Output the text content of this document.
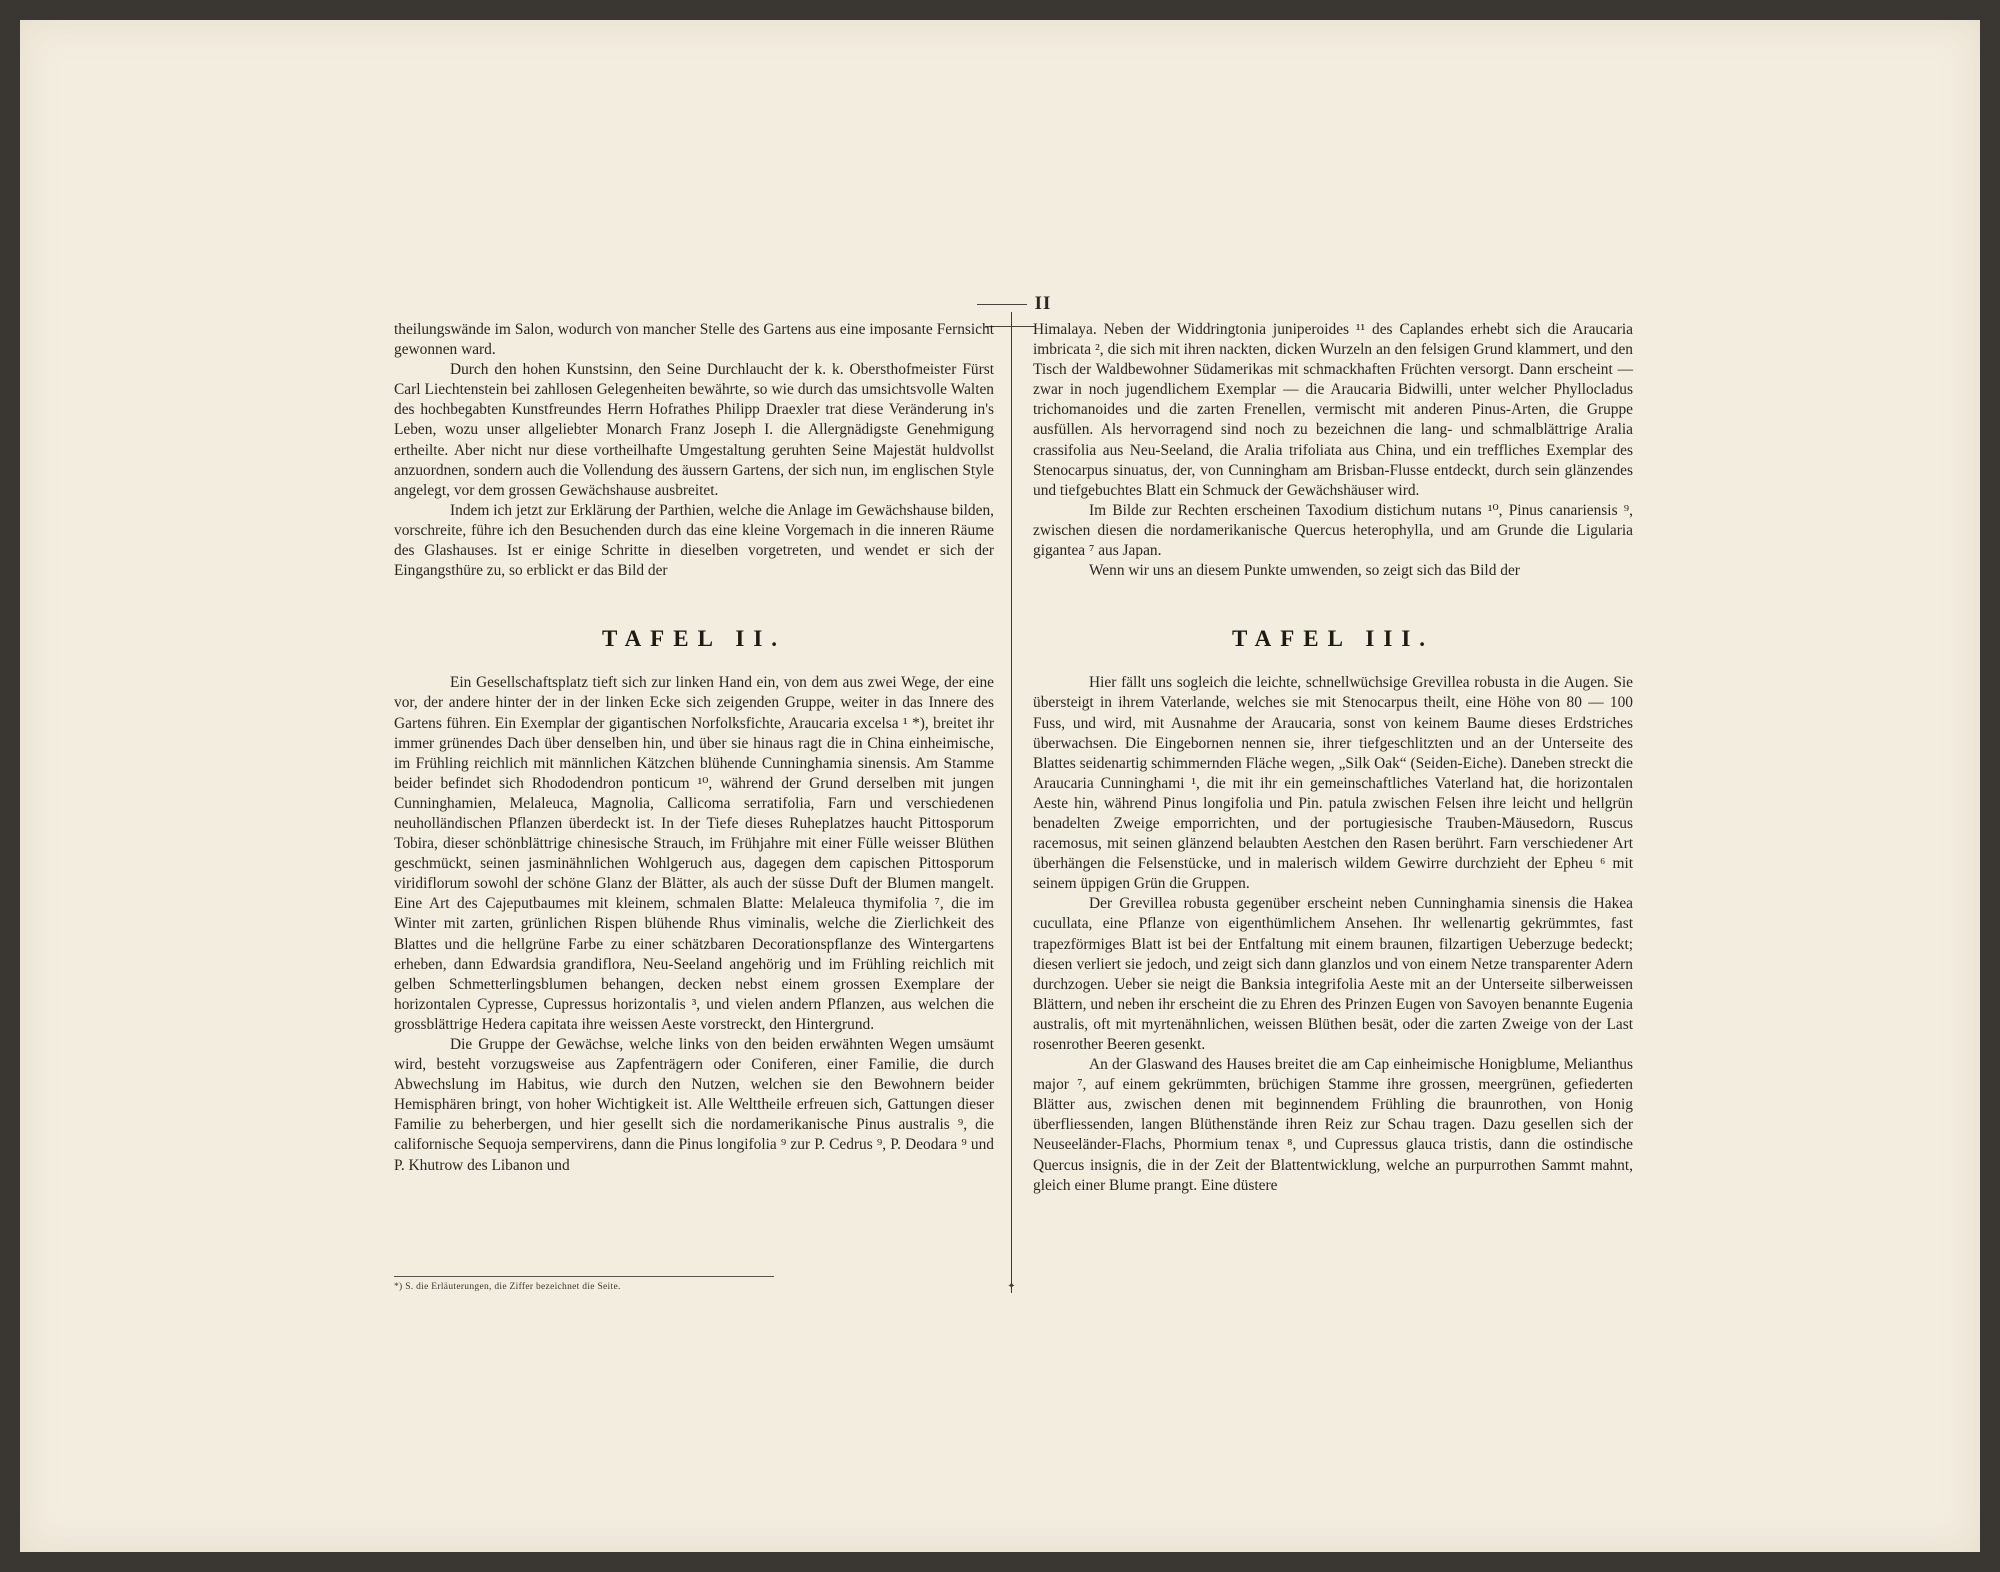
II

theilungswände im Salon, wodurch von mancher Stelle des Gartens aus eine imposante Fernsicht gewonnen ward.

Durch den hohen Kunstsinn, den Seine Durchlaucht der k. k. Obersthofmeister Fürst Carl Liechtenstein bei zahllosen Gelegenheiten bewährte, so wie durch das umsichtsvolle Walten des hochbegabten Kunstfreundes Herrn Hofrathes Philipp Draexler trat diese Veränderung in's Leben, wozu unser allgeliebter Monarch Franz Joseph I. die Allergnädigste Genehmigung ertheilte. Aber nicht nur diese vortheilhafte Umgestaltung geruhten Seine Majestät huldvollst anzuordnen, sondern auch die Vollendung des äussern Gartens, der sich nun, im englischen Style angelegt, vor dem grossen Gewächshause ausbreitet.

Indem ich jetzt zur Erklärung der Parthien, welche die Anlage im Gewächshause bilden, vorschreite, führe ich den Besuchenden durch das eine kleine Vorgemach in die inneren Räume des Glashauses. Ist er einige Schritte in dieselben vorgetreten, und wendet er sich der Eingangsthüre zu, so erblickt er das Bild der

TAFEL II.

Ein Gesellschaftsplatz tieft sich zur linken Hand ein, von dem aus zwei Wege, der eine vor, der andere hinter der in der linken Ecke sich zeigenden Gruppe, weiter in das Innere des Gartens führen. Ein Exemplar der gigantischen Norfolksfichte, Araucaria excelsa ¹ *), breitet ihr immer grünendes Dach über denselben hin, und über sie hinaus ragt die in China einheimische, im Frühling reichlich mit männlichen Kätzchen blühende Cunninghamia sinensis. Am Stamme beider befindet sich Rhododendron ponticum ¹⁰, während der Grund derselben mit jungen Cunninghamien, Melaleuca, Magnolia, Callicoma serratifolia, Farn und verschiedenen neuholländischen Pflanzen überdeckt ist. In der Tiefe dieses Ruheplatzes haucht Pittosporum Tobira, dieser schönblättrige chinesische Strauch, im Frühjahre mit einer Fülle weisser Blüthen geschmückt, seinen jasminähnlichen Wohlgeruch aus, dagegen dem capischen Pittosporum viridiflorum sowohl der schöne Glanz der Blätter, als auch der süsse Duft der Blumen mangelt. Eine Art des Cajeputbaumes mit kleinem, schmalen Blatte: Melaleuca thymifolia ⁷, die im Winter mit zarten, grünlichen Rispen blühende Rhus viminalis, welche die Zierlichkeit des Blattes und die hellgrüne Farbe zu einer schätzbaren Decorationspflanze des Wintergartens erheben, dann Edwardsia grandiflora, Neu-Seeland angehörig und im Frühling reichlich mit gelben Schmetterlingsblumen behangen, decken nebst einem grossen Exemplare der horizontalen Cypresse, Cupressus horizontalis ³, und vielen andern Pflanzen, aus welchen die grossblättrige Hedera capitata ihre weissen Aeste vorstreckt, den Hintergrund.

Die Gruppe der Gewächse, welche links von den beiden erwähnten Wegen umsäumt wird, besteht vorzugsweise aus Zapfenträgern oder Coniferen, einer Familie, die durch Abwechslung im Habitus, wie durch den Nutzen, welchen sie den Bewohnern beider Hemisphären bringt, von hoher Wichtigkeit ist. Alle Welttheile erfreuen sich, Gattungen dieser Familie zu beherbergen, und hier gesellt sich die nordamerikanische Pinus australis ⁹, die californische Sequoja sempervirens, dann die Pinus longifolia ⁹ zur P. Cedrus ⁹, P. Deodara ⁹ und P. Khutrow des Libanon und

✦

Himalaya. Neben der Widdringtonia juniperoides ¹¹ des Caplandes erhebt sich die Araucaria imbricata ², die sich mit ihren nackten, dicken Wurzeln an den felsigen Grund klammert, und den Tisch der Waldbewohner Südamerikas mit schmackhaften Früchten versorgt. Dann erscheint — zwar in noch jugendlichem Exemplar — die Araucaria Bidwilli, unter welcher Phyllocladus trichomanoides und die zarten Frenellen, vermischt mit anderen Pinus-Arten, die Gruppe ausfüllen. Als hervorragend sind noch zu bezeichnen die lang- und schmalblättrige Aralia crassifolia aus Neu-Seeland, die Aralia trifoliata aus China, und ein treffliches Exemplar des Stenocarpus sinuatus, der, von Cunningham am Brisban-Flusse entdeckt, durch sein glänzendes und tiefgebuchtes Blatt ein Schmuck der Gewächshäuser wird.

Im Bilde zur Rechten erscheinen Taxodium distichum nutans ¹⁰, Pinus canariensis ⁹, zwischen diesen die nordamerikanische Quercus heterophylla, und am Grunde die Ligularia gigantea ⁷ aus Japan.

Wenn wir uns an diesem Punkte umwenden, so zeigt sich das Bild der

TAFEL III.

Hier fällt uns sogleich die leichte, schnellwüchsige Grevillea robusta in die Augen. Sie übersteigt in ihrem Vaterlande, welches sie mit Stenocarpus theilt, eine Höhe von 80 — 100 Fuss, und wird, mit Ausnahme der Araucaria, sonst von keinem Baume dieses Erdstriches überwachsen. Die Eingebornen nennen sie, ihrer tiefgeschlitzten und an der Unterseite des Blattes seidenartig schimmernden Fläche wegen, „Silk Oak“ (Seiden-Eiche). Daneben streckt die Araucaria Cunninghami ¹, die mit ihr ein gemeinschaftliches Vaterland hat, die horizontalen Aeste hin, während Pinus longifolia und Pin. patula zwischen Felsen ihre leicht und hellgrün benadelten Zweige emporrichten, und der portugiesische Trauben-Mäusedorn, Ruscus racemosus, mit seinen glänzend belaubten Aestchen den Rasen berührt. Farn verschiedener Art überhängen die Felsenstücke, und in malerisch wildem Gewirre durchzieht der Epheu ⁶ mit seinem üppigen Grün die Gruppen.

Der Grevillea robusta gegenüber erscheint neben Cunninghamia sinensis die Hakea cucullata, eine Pflanze von eigenthümlichem Ansehen. Ihr wellenartig gekrümmtes, fast trapezförmiges Blatt ist bei der Entfaltung mit einem braunen, filzartigen Ueberzuge bedeckt; diesen verliert sie jedoch, und zeigt sich dann glanzlos und von einem Netze transparenter Adern durchzogen. Ueber sie neigt die Banksia integrifolia Aeste mit an der Unterseite silberweissen Blättern, und neben ihr erscheint die zu Ehren des Prinzen Eugen von Savoyen benannte Eugenia australis, oft mit myrtenähnlichen, weissen Blüthen besät, oder die zarten Zweige von der Last rosenrother Beeren gesenkt.

An der Glaswand des Hauses breitet die am Cap einheimische Honigblume, Melianthus major ⁷, auf einem gekrümmten, brüchigen Stamme ihre grossen, meergrünen, gefiederten Blätter aus, zwischen denen mit beginnendem Frühling die braunrothen, von Honig überfliessenden, langen Blüthenstände ihren Reiz zur Schau tragen. Dazu gesellen sich der Neuseeländer-Flachs, Phormium tenax ⁸, und Cupressus glauca tristis, dann die ostindische Quercus insignis, die in der Zeit der Blattentwicklung, welche an purpurrothen Sammt mahnt, gleich einer Blume prangt. Eine düstere

*) S. die Erläuterungen, die Ziffer bezeichnet die Seite.
